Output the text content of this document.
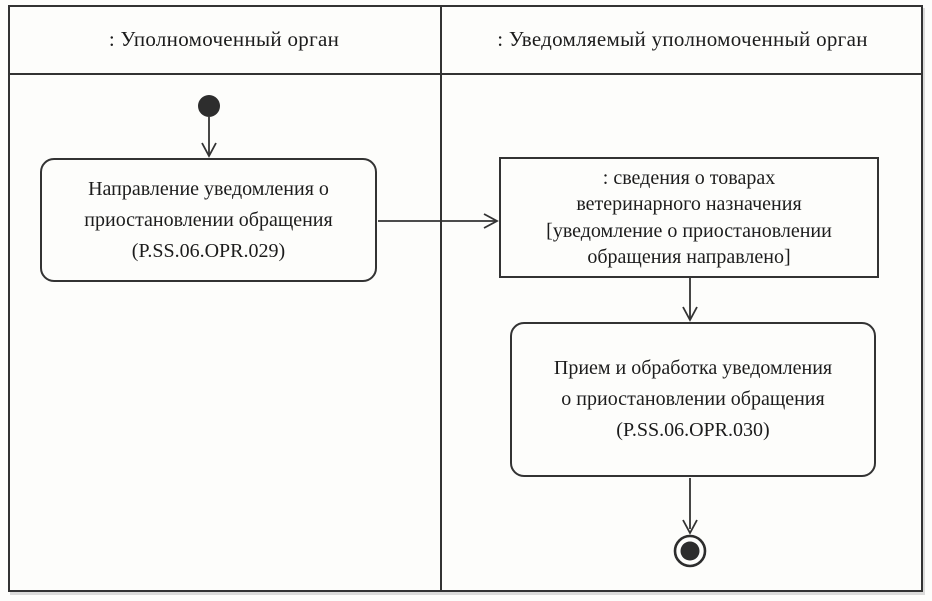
: Уполномоченный орган	: Уведомляемый уполномоченный орган
Направление уведомления о
приостановлении обращения
(P.SS.06.OPR.029)
: сведения о товарах
ветеринарного назначения
[уведомление о приостановлении
обращения направлено]
Прием и обработка уведомления
о приостановлении обращения
(P.SS.06.OPR.030)
